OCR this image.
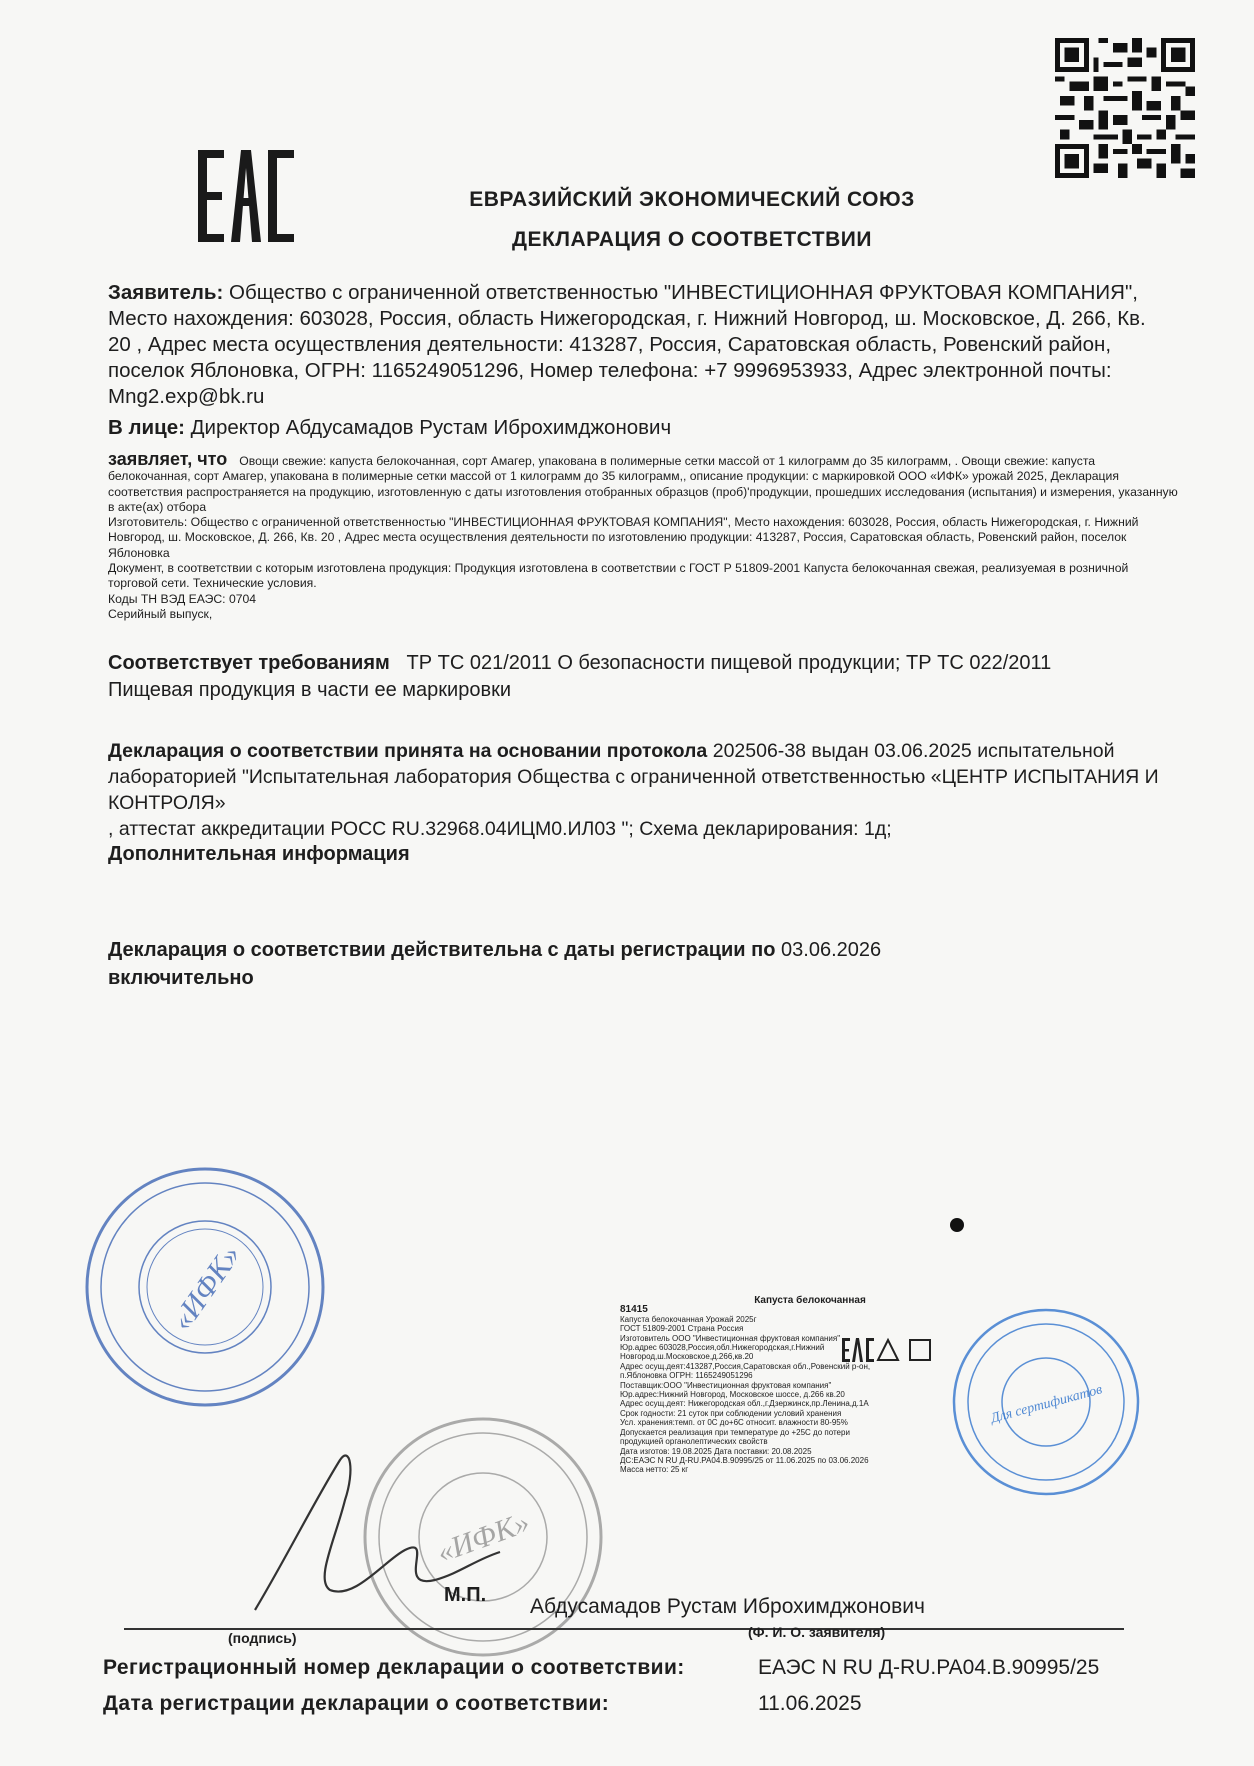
ЕВРАЗИЙСКИЙ ЭКОНОМИЧЕСКИЙ СОЮЗ
ДЕКЛАРАЦИЯ О СООТВЕТСТВИИ
Заявитель: Общество с ограниченной ответственностью "ИНВЕСТИЦИОННАЯ ФРУКТОВАЯ КОМПАНИЯ", Место нахождения: 603028, Россия, область Нижегородская, г. Нижний Новгород, ш. Московское, Д. 266, Кв. 20 , Адрес места осуществления деятельности: 413287, Россия, Саратовская область, Ровенский район, поселок Яблоновка, ОГРН: 1165249051296, Номер телефона: +7 9996953933, Адрес электронной почты: Mng2.exp@bk.ru
В лице: Директор Абдусамадов Рустам Иброхимджонович
заявляет, что Овощи свежие: капуста белокочанная, сорт Амагер, упакована в полимерные сетки массой от 1 килограмм до 35 килограмм, . Овощи свежие: капуста белокочанная, сорт Амагер, упакована в полимерные сетки массой от 1 килограмм до 35 килограмм,, описание продукции: с маркировкой ООО «ИФК» урожай 2025, Декларация соответствия распространяется на продукцию, изготовленную с даты изготовления отобранных образцов (проб)'продукции, прошедших исследования (испытания) и измерения, указанную в акте(ах) отбора
Изготовитель: Общество с ограниченной ответственностью "ИНВЕСТИЦИОННАЯ ФРУКТОВАЯ КОМПАНИЯ", Место нахождения: 603028, Россия, область Нижегородская, г. Нижний Новгород, ш. Московское, Д. 266, Кв. 20 , Адрес места осуществления деятельности по изготовлению продукции: 413287, Россия, Саратовская область, Ровенский район, поселок Яблоновка
Документ, в соответствии с которым изготовлена продукция: Продукция изготовлена в соответствии с ГОСТ Р 51809-2001 Капуста белокочанная свежая, реализуемая в розничной торговой сети. Технические условия.
Коды ТН ВЭД ЕАЭС: 0704
Серийный выпуск,
Соответствует требованиям ТР ТС 021/2011 О безопасности пищевой продукции; ТР ТС 022/2011 Пищевая продукция в части ее маркировки
Декларация о соответствии принята на основании протокола 202506-38 выдан 03.06.2025 испытательной лабораторией "Испытательная лаборатория Общества с ограниченной ответственностью «ЦЕНТР ИСПЫТАНИЯ И КОНТРОЛЯ»
, аттестат аккредитации РОСС RU.32968.04ИЦМ0.ИЛ03 "; Схема декларирования: 1д;
Дополнительная информация
Декларация о соответствии действительна с даты регистрации по 03.06.2026
включительно
«ИФК»
«ИФК»
Капуста белокочанная
81415
Капуста белокочанная Урожай 2025г
ГОСТ 51809-2001 Страна Россия
Изготовитель ООО "Инвестиционная фруктовая компания"
Юр.адрес 603028,Россия,обл.Нижегородская,г.Нижний
Новгород,ш.Московское,д.266,кв.20
Адрес осущ.деят:413287,Россия,Саратовская обл.,Ровенский р-он,
п.Яблоновка ОГРН: 1165249051296
Поставщик:ООО "Инвестиционная фруктовая компания"
Юр.адрес:Нижний Новгород, Московское шоссе, д.266 кв.20
Адрес осущ.деят: Нижегородская обл.,г.Дзержинск,пр.Ленина,д.1А
Срок годности: 21 суток при соблюдении условий хранения
Усл. хранения:темп. от 0С до+6С относит. влажности 80-95%
Допускается реализация при температуре до +25С до потери
продукцией органолептических свойств
Дата изготов: 19.08.2025 Дата поставки: 20.08.2025
ДС:ЕАЭС N RU Д-RU.PA04.B.90995/25 от 11.06.2025 по 03.06.2026
Масса нетто: 25 кг
Для сертификатов
М.П. Абдусамадов Рустам Иброхимджонович
(подпись)	(Ф. И. О. заявителя)
Регистрационный номер декларации о соответствии:	ЕАЭС N RU Д-RU.PA04.B.90995/25
Дата регистрации декларации о соответствии:	11.06.2025
